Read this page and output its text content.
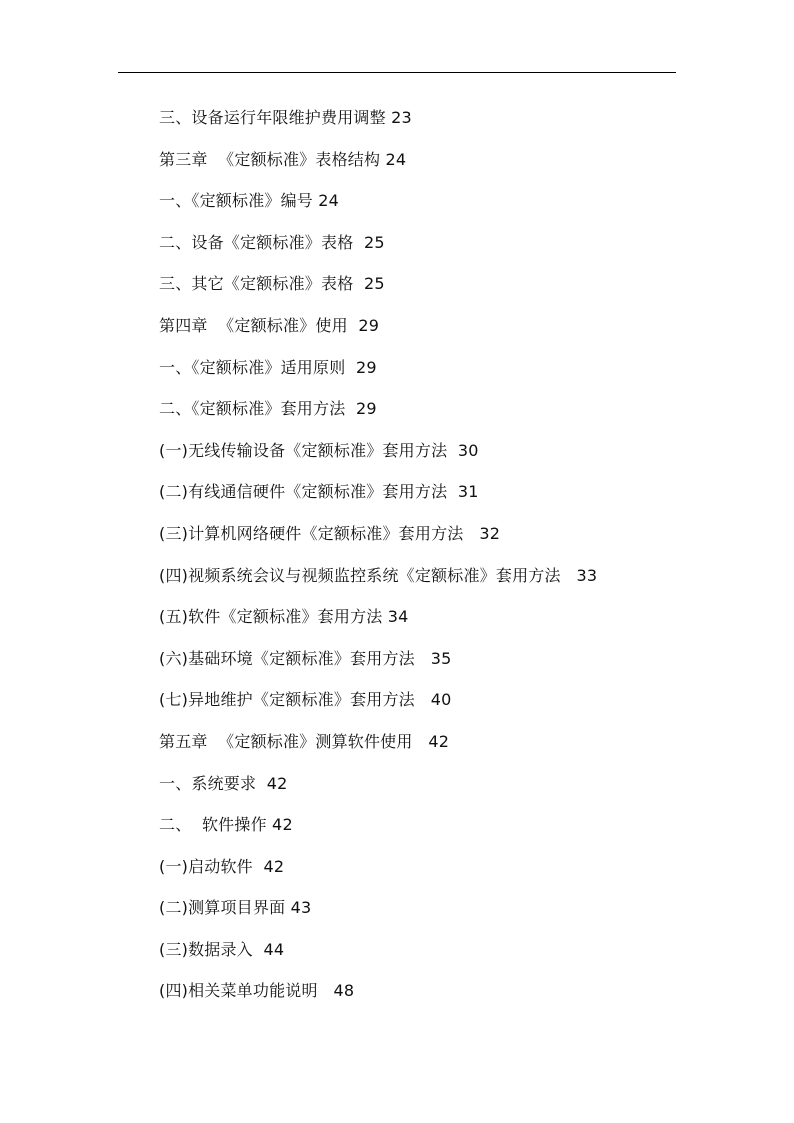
三、设备运行年限维护费用调整 23
第三章  《定额标准》表格结构 24
一、《定额标准》编号 24
二、设备《定额标准》表格  25
三、其它《定额标准》表格  25
第四章  《定额标准》使用  29
一、《定额标准》适用原则  29
二、《定额标准》套用方法  29
(一)无线传输设备《定额标准》套用方法  30
(二)有线通信硬件《定额标准》套用方法  31
(三)计算机网络硬件《定额标准》套用方法   32
(四)视频系统会议与视频监控系统《定额标准》套用方法   33
(五)软件《定额标准》套用方法 34
(六)基础环境《定额标准》套用方法   35
(七)异地维护《定额标准》套用方法   40
第五章  《定额标准》测算软件使用   42
一、系统要求  42
二、  软件操作 42
(一)启动软件  42
(二)测算项目界面 43
(三)数据录入  44
(四)相关菜单功能说明   48
